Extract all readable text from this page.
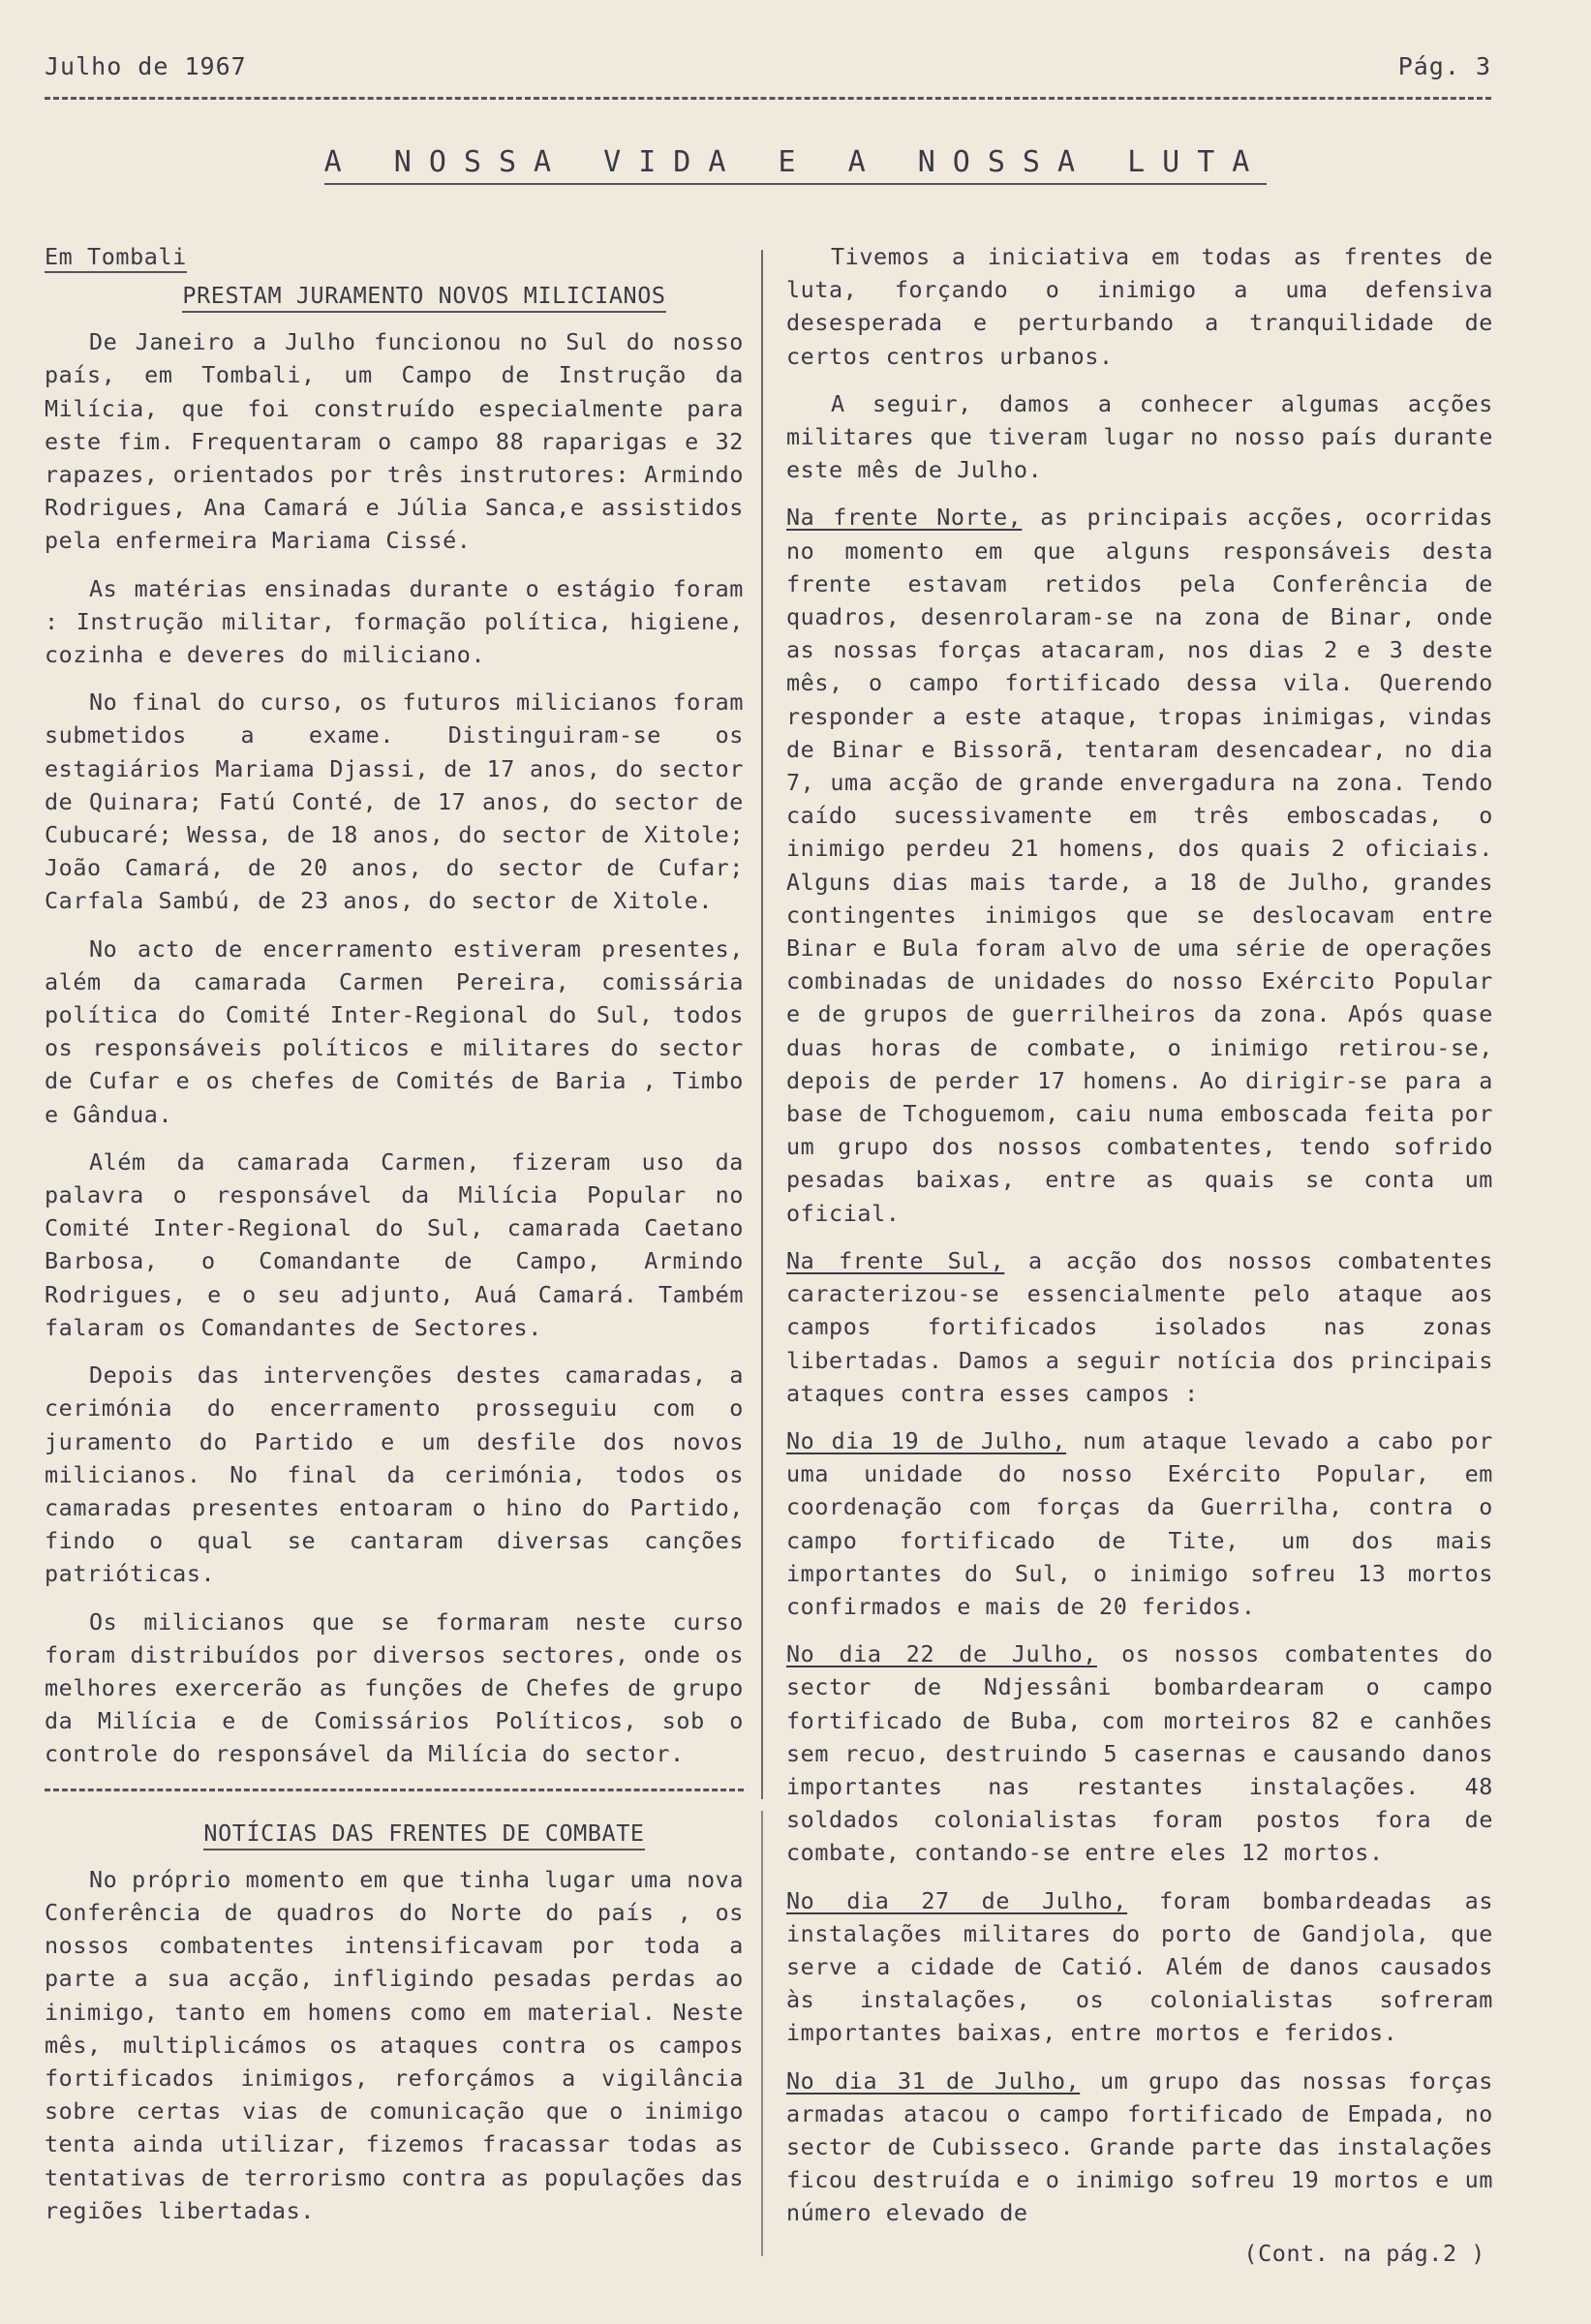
Julho de 1967	Pág. 3
A NOSSA VIDA E A NOSSA LUTA
Em Tombali
PRESTAM JURAMENTO NOVOS MILICIANOS

De Janeiro a Julho funcionou no Sul do nosso país, em Tombali, um Campo de Instrução da Milícia, que foi construído especialmente para este fim. Frequentaram o campo 88 raparigas e 32 rapazes, orientados por três instrutores: Armindo Rodrigues, Ana Camará e Júlia Sanca,e assistidos pela enfermeira Mariama Cissé.

As matérias ensinadas durante o estágio foram : Instrução militar, formação política, higiene, cozinha e deveres do miliciano.

No final do curso, os futuros milicianos foram submetidos a exame. Distinguiram-se os estagiários Mariama Djassi, de 17 anos, do sector de Quinara; Fatú Conté, de 17 anos, do sector de Cubucaré; Wessa, de 18 anos, do sector de Xitole; João Camará, de 20 anos, do sector de Cufar; Carfala Sambú, de 23 anos, do sector de Xitole.

No acto de encerramento estiveram presentes, além da camarada Carmen Pereira, comissária política do Comité Inter-Regional do Sul, todos os responsáveis políticos e militares do sector de Cufar e os chefes de Comités de Baria , Timbo e Gândua.

Além da camarada Carmen, fizeram uso da palavra o responsável da Milícia Popular no Comité Inter-Regional do Sul, camarada Caetano Barbosa, o Comandante de Campo, Armindo Rodrigues, e o seu adjunto, Auá Camará. Também falaram os Comandantes de Sectores.

Depois das intervenções destes camaradas, a cerimónia do encerramento prosseguiu com o juramento do Partido e um desfile dos novos milicianos. No final da cerimónia, todos os camaradas presentes entoaram o hino do Partido, findo o qual se cantaram diversas canções patrióticas.

Os milicianos que se formaram neste curso foram distribuídos por diversos sectores, onde os melhores exercerão as funções de Chefes de grupo da Milícia e de Comissários Políticos, sob o controle do responsável da Milícia do sector.

NOTÍCIAS DAS FRENTES DE COMBATE

No próprio momento em que tinha lugar uma nova Conferência de quadros do Norte do país , os nossos combatentes intensificavam por toda a parte a sua acção, infligindo pesadas perdas ao inimigo, tanto em homens como em material. Neste mês, multiplicámos os ataques contra os campos fortificados inimigos, reforçámos a vigilância sobre certas vias de comunicação que o inimigo tenta ainda utilizar, fizemos fracassar todas as tentativas de terrorismo contra as populações das regiões libertadas.

Tivemos a iniciativa em todas as frentes de luta, forçando o inimigo a uma defensiva desesperada e perturbando a tranquilidade de certos centros urbanos.

A seguir, damos a conhecer algumas acções militares que tiveram lugar no nosso país durante este mês de Julho.

Na frente Norte, as principais acções, ocorridas no momento em que alguns responsáveis desta frente estavam retidos pela Conferência de quadros, desenrolaram-se na zona de Binar, onde as nossas forças atacaram, nos dias 2 e 3 deste mês, o campo fortificado dessa vila. Querendo responder a este ataque, tropas inimigas, vindas de Binar e Bissorã, tentaram desencadear, no dia 7, uma acção de grande envergadura na zona. Tendo caído sucessivamente em três emboscadas, o inimigo perdeu 21 homens, dos quais 2 oficiais. Alguns dias mais tarde, a 18 de Julho, grandes contingentes inimigos que se deslocavam entre Binar e Bula foram alvo de uma série de operações combinadas de unidades do nosso Exército Popular e de grupos de guerrilheiros da zona. Após quase duas horas de combate, o inimigo retirou-se, depois de perder 17 homens. Ao dirigir-se para a base de Tchoguemom, caiu numa emboscada feita por um grupo dos nossos combatentes, tendo sofrido pesadas baixas, entre as quais se conta um oficial.

Na frente Sul, a acção dos nossos combatentes caracterizou-se essencialmente pelo ataque aos campos fortificados isolados nas zonas libertadas. Damos a seguir notícia dos principais ataques contra esses campos :

No dia 19 de Julho, num ataque levado a cabo por uma unidade do nosso Exército Popular, em coordenação com forças da Guerrilha, contra o campo fortificado de Tite, um dos mais importantes do Sul, o inimigo sofreu 13 mortos confirmados e mais de 20 feridos.

No dia 22 de Julho, os nossos combatentes do sector de Ndjessâni bombardearam o campo fortificado de Buba, com morteiros 82 e canhões sem recuo, destruindo 5 casernas e causando danos importantes nas restantes instalações. 48 soldados colonialistas foram postos fora de combate, contando-se entre eles 12 mortos.

No dia 27 de Julho, foram bombardeadas as instalações militares do porto de Gandjola, que serve a cidade de Catió. Além de danos causados às instalações, os colonialistas sofreram importantes baixas, entre mortos e feridos.

No dia 31 de Julho, um grupo das nossas forças armadas atacou o campo fortificado de Empada, no sector de Cubisseco. Grande parte das instalações ficou destruída e o inimigo sofreu 19 mortos e um número elevado de

(Cont. na pág.2 )
